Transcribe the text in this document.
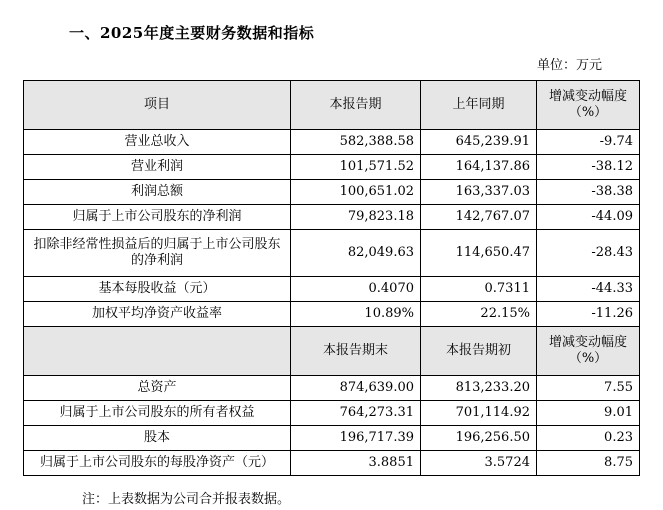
一、2025年度主要财务数据和指标
单位：万元
项目	本报告期	上年同期	增减变动幅度（%）
营业总收入	582,388.58	645,239.91	-9.74
营业利润	101,571.52	164,137.86	-38.12
利润总额	100,651.02	163,337.03	-38.38
归属于上市公司股东的净利润	79,823.18	142,767.07	-44.09
扣除非经常性损益后的归属于上市公司股东的净利润	82,049.63	114,650.47	-28.43
基本每股收益（元）	0.4070	0.7311	-44.33
加权平均净资产收益率	10.89%	22.15%	-11.26
	本报告期末	本报告期初	增减变动幅度（%）
总资产	874,639.00	813,233.20	7.55
归属于上市公司股东的所有者权益	764,273.31	701,114.92	9.01
股本	196,717.39	196,256.50	0.23
归属于上市公司股东的每股净资产（元）	3.8851	3.5724	8.75
注：上表数据为公司合并报表数据。
